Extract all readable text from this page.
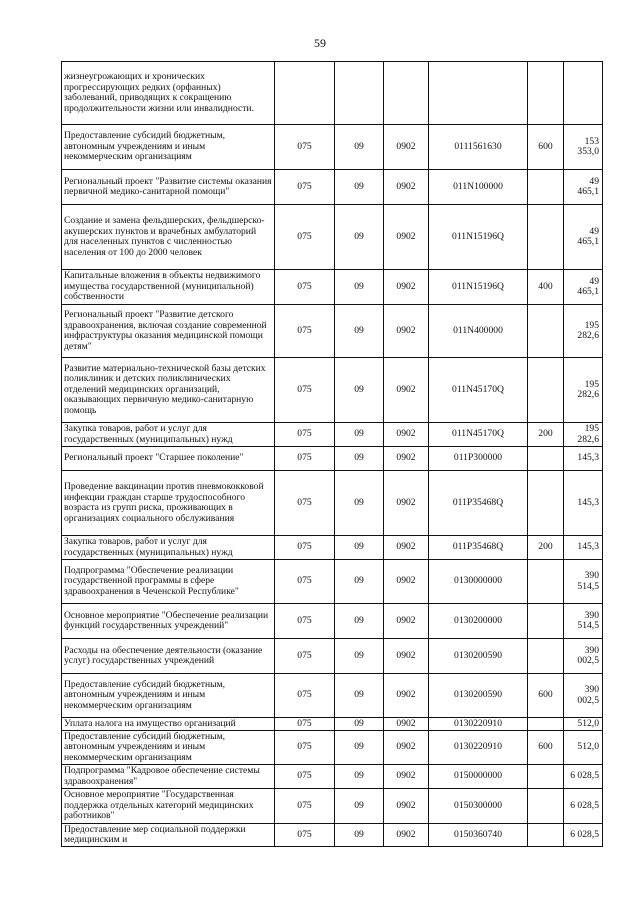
59
жизнеугрожающих и хронических прогрессирующих редких (орфанных) заболеваний, приводящих к сокращению продолжительности жизни или инвалидности.						
Предоставление субсидий бюджетным, автономным учреждениям и иным некоммерческим организациям	075	09	0902	0111561630	600	153 353,0
Региональный проект "Развитие системы оказания первичной медико-санитарной помощи"	075	09	0902	011N100000		49 465,1
Создание и замена фельдшерских, фельдшерско-акушерских пунктов и врачебных амбулаторий для населенных пунктов с численностью населения от 100 до 2000 человек	075	09	0902	011N15196Q		49 465,1
Капитальные вложения в объекты недвижимого имущества государственной (муниципальной) собственности	075	09	0902	011N15196Q	400	49 465,1
Региональный проект "Развитие детского здравоохранения, включая создание современной инфраструктуры оказания медицинской помощи детям"	075	09	0902	011N400000		195 282,6
Развитие материально-технической базы детских поликлиник и детских поликлинических отделений медицинских организаций, оказывающих первичную медико-санитарную помощь	075	09	0902	011N45170Q		195 282,6
Закупка товаров, работ и услуг для государственных (муниципальных) нужд	075	09	0902	011N45170Q	200	195 282,6
Региональный проект "Старшее поколение"	075	09	0902	011P300000		145,3
Проведение вакцинации против пневмококковой инфекции граждан старше трудоспособного возраста из групп риска, проживающих в организациях социального обслуживания	075	09	0902	011P35468Q		145,3
Закупка товаров, работ и услуг для государственных (муниципальных) нужд	075	09	0902	011P35468Q	200	145,3
Подпрограмма "Обеспечение реализации государственной программы в сфере здравоохранения в Чеченской Республике"	075	09	0902	0130000000		390 514,5
Основное мероприятие "Обеспечение реализации функций государственных учреждений"	075	09	0902	0130200000		390 514,5
Расходы на обеспечение деятельности (оказание услуг) государственных учреждений	075	09	0902	0130200590		390 002,5
Предоставление субсидий бюджетным, автономным учреждениям и иным некоммерческим организациям	075	09	0902	0130200590	600	390 002,5
Уплата налога на имущество организаций	075	09	0902	0130220910		512,0
Предоставление субсидий бюджетным, автономным учреждениям и иным некоммерческим организациям	075	09	0902	0130220910	600	512,0
Подпрограмма "Кадровое обеспечение системы здравоохранения"	075	09	0902	0150000000		6 028,5
Основное мероприятие "Государственная поддержка отдельных категорий медицинских работников"	075	09	0902	0150300000		6 028,5
Предоставление мер социальной поддержки медицинским и	075	09	0902	0150360740		6 028,5
